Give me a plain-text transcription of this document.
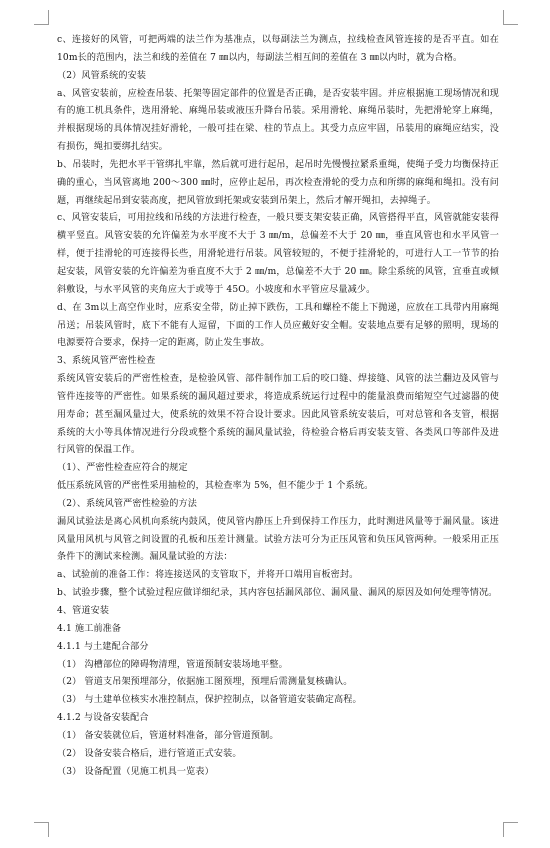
c、连接好的风管，可把两端的法兰作为基准点，以每副法兰为测点，拉线检查风管连接的是否平直。如在 10m长的范围内，法兰和线的差值在 7 ㎜以内，每副法兰相互间的差值在 3 ㎜以内时，就为合格。

（2）风管系统的安装

a、风管安装前，应检查吊装、托架等固定部件的位置是否正确，是否安装牢固。并应根据施工现场情况和现有的施工机具条件，选用滑轮、麻绳吊装或液压升降台吊装。采用滑轮、麻绳吊装时，先把滑轮穿上麻绳，并根据现场的具体情况挂好滑轮，一般可挂在梁、柱的节点上。其受力点应牢固，吊装用的麻绳应结实，没有损伤，绳扣要绑扎结实。

b、吊装时，先把水平干管绑扎牢靠，然后就可进行起吊，起吊时先慢慢拉紧系重绳，使绳子受力均衡保持正确的重心，当风管离地 200～300 ㎜时，应停止起吊，再次检查滑轮的受力点和所绑的麻绳和绳扣。没有问题，再继续起吊到安装高度，把风管放到托架或安装到吊架上，然后才解开绳扣，去掉绳子。

c、风管安装后，可用拉线和吊线的方法进行检查，一般只要支架安装正确，风管搭得平直，风管就能安装得横平竖直。风管安装的允许偏差为水平度不大于 3 ㎜/m，总偏差不大于 20 ㎜，垂直风管也和水平风管一样，便于挂滑轮的可连接得长些，用滑轮进行吊装。风管较短的，不便于挂滑轮的，可进行人工一节节的抬起安装，风管安装的允许偏差为垂直度不大于 2 ㎜/m，总偏差不大于 20 ㎜。除尘系统的风管，宜垂直或倾斜敷设，与水平风管的夹角应大于或等于 45O。小坡度和水平管应尽量减少。

d、在 3m以上高空作业时，应系安全带，防止掉下跌伤，工具和螺栓不能上下抛递，应放在工具带内用麻绳吊送；吊装风管时，底下不能有人逗留，下面的工作人员应戴好安全帽。安装地点要有足够的照明，现场的电源要符合要求，保持一定的距离，防止发生事故。

3、系统风管严密性检查

系统风管安装后的严密性检查，是检验风管、部件制作加工后的咬口缝、焊接缝、风管的法兰翻边及风管与管件连接等的严密性。如果系统的漏风超过要求，将造成系统运行过程中的能量浪费而缩短空气过滤器的使用寿命；甚至漏风量过大，使系统的效果不符合设计要求。因此风管系统安装后，可对总管和各支管，根据系统的大小等具体情况进行分段或整个系统的漏风量试验，待检验合格后再安装支管、各类风口等部件及进行风管的保温工作。

（1）、严密性检查应符合的规定

低压系统风管的严密性采用抽检的，其检查率为 5%，但不能少于 1 个系统。

（2）、系统风管严密性检验的方法

漏风试验法是离心风机向系统内鼓风，使风管内静压上升到保持工作压力，此时测进风量等于漏风量。该进风量用风机与风管之间设置的孔板和压差计测量。试验方法可分为正压风管和负压风管两种。一般采用正压条件下的测试来检测。漏风量试验的方法：

a、试验前的准备工作：将连接送风的支管取下，并将开口端用盲板密封。

b、试验步骤，整个试验过程应做详细纪录，其内容包括漏风部位、漏风量、漏风的原因及如何处理等情况。

4、管道安装

4.1 施工前准备

4.1.1 与土建配合部分

（1） 沟槽部位的障碍物清理，管道预制安装场地平整。

（2） 管道支吊架预埋部分，依据施工图预埋，预埋后需测量复核确认。

（3） 与土建单位核实水准控制点，保护控制点，以备管道安装确定高程。

4.1.2 与设备安装配合

（1） 备安装就位后，管道材料准备，部分管道预制。

（2） 设备安装合格后，进行管道正式安装。

（3） 设备配置（见施工机具一览表）
